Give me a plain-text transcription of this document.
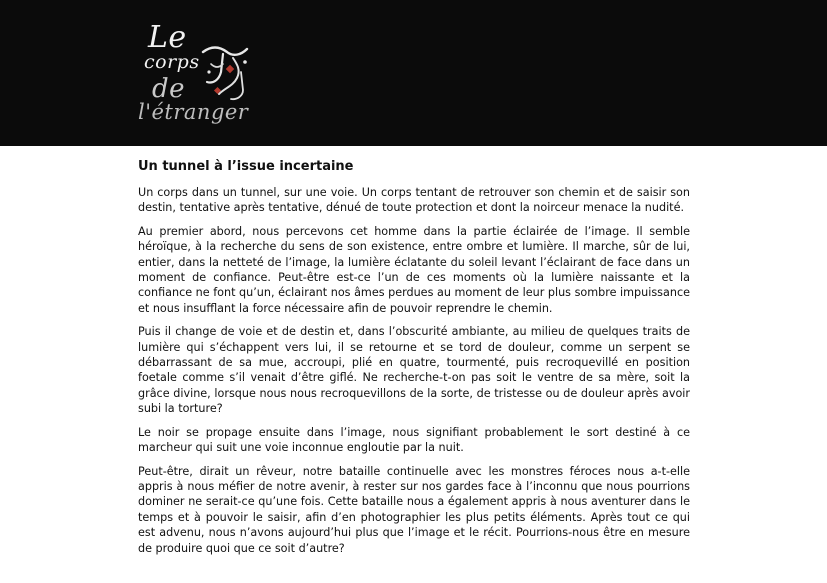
Le
corps
de
l'étranger
Un tunnel à l’issue incertaine

Un corps dans un tunnel, sur une voie. Un corps tentant de retrouver son chemin et de saisir son destin, tentative après tentative, dénué de toute protection et dont la noirceur menace la nudité.

Au premier abord, nous percevons cet homme dans la partie éclairée de l’image. Il semble héroïque, à la recherche du sens de son existence, entre ombre et lumière. Il marche, sûr de lui, entier, dans la netteté de l’image, la lumière éclatante du soleil levant l’éclairant de face dans un moment de confiance. Peut-être est-ce l’un de ces moments où la lumière naissante et la confiance ne font qu’un, éclairant nos âmes perdues au moment de leur plus sombre impuissance et nous insufflant la force nécessaire afin de pouvoir reprendre le chemin.

Puis il change de voie et de destin et, dans l’obscurité ambiante, au milieu de quelques traits de lumière qui s’échappent vers lui, il se retourne et se tord de douleur, comme un serpent se débarrassant de sa mue, accroupi, plié en quatre, tourmenté, puis recroquevillé en position foetale comme s’il venait d’être giflé. Ne recherche-t-on pas soit le ventre de sa mère, soit la grâce divine, lorsque nous nous recroquevillons de la sorte, de tristesse ou de douleur après avoir subi la torture?

Le noir se propage ensuite dans l’image, nous signifiant probablement le sort destiné à ce marcheur qui suit une voie inconnue engloutie par la nuit.

Peut-être, dirait un rêveur, notre bataille continuelle avec les monstres féroces nous a-t-elle appris à nous méfier de notre avenir, à rester sur nos gardes face à l’inconnu que nous pourrions dominer ne serait-ce qu’une fois. Cette bataille nous a également appris à nous aventurer dans le temps et à pouvoir le saisir, afin d’en photographier les plus petits éléments. Après tout ce qui est advenu, nous n’avons aujourd’hui plus que l’image et le récit. Pourrions-nous être en mesure de produire quoi que ce soit d’autre?
